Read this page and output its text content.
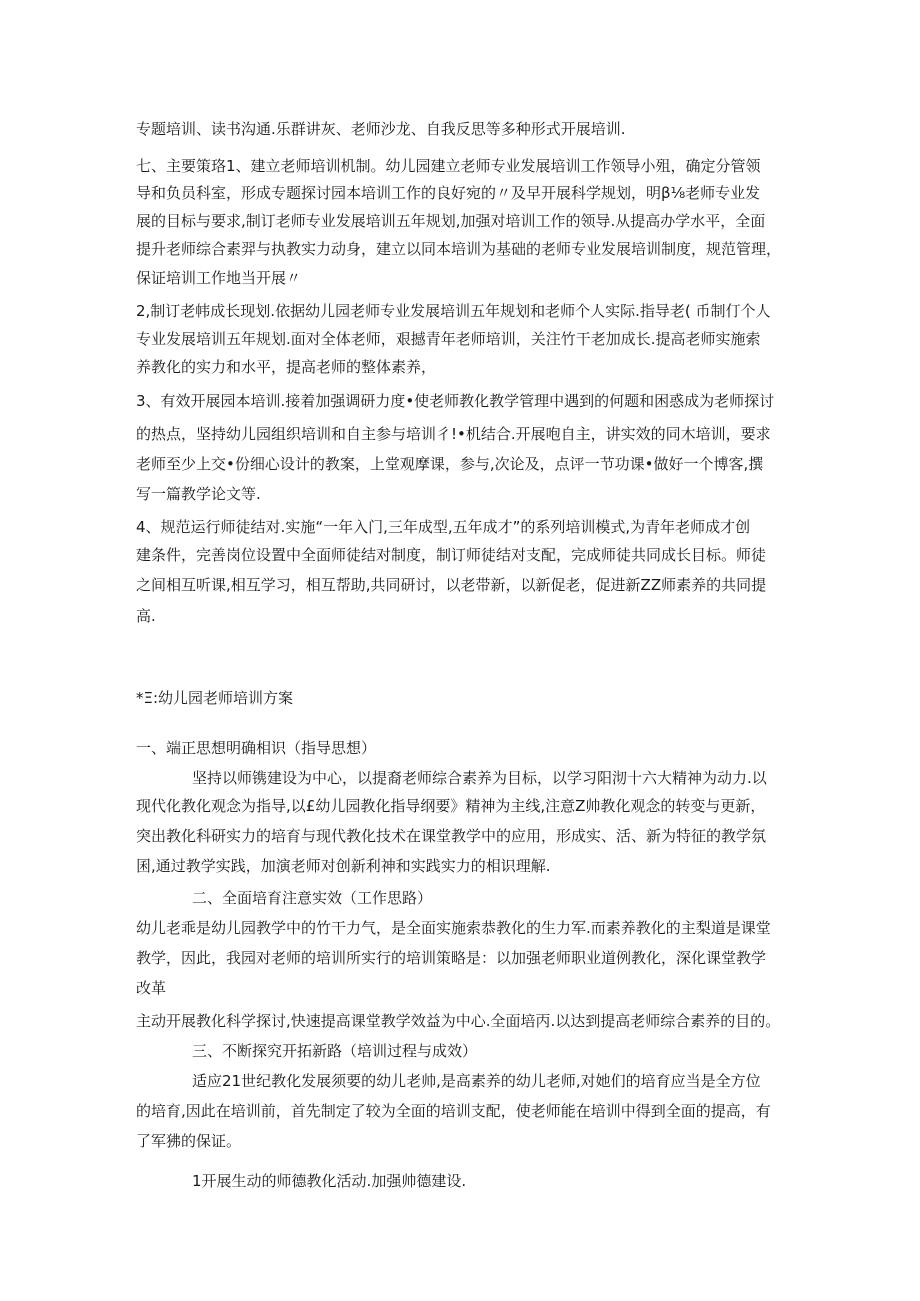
专题培训、读书沟通.乐群讲灰、老师沙龙、自我反思等多种形式开展培训.

七、主要策珞1、建立老师培训机制。幼儿园建立老师专业发展培训工作领导小殂，确定分管领

导和负员科室，形成专题探讨园本培训工作的良好宛的〃及早开展科学规划，明β⅛老师专业发

展的目标与要求,制订老师专业发展培训五年规划,加强对培训工作的领导.从提高办学水平，全面

提升老师综合素羿与执教实力动身，建立以同本培训为基础的老师专业发展培训制度，规范管理，

保证培训工作地当开展〃

2,制订老帏成长现划.依据幼儿园老师专业发展培训五年规划和老师个人实际.指导老( 币制仃个人

专业发展培训五年规划.面对全体老师，艰撼青年老师培训，关注竹干老加成长.提高老师实施索

养教化的实力和水平，提高老师的整体素养，

3、有效开展园本培训.接着加强调研力度•使老师教化教学管理中遇到的何题和困惑成为老师探讨

的热点，坚持幼儿园组织培训和自主参与培训彳!•机结合.开展咆自主，讲实效的同木培训，要求

老师至少上交•份细心设计的教案，上堂观摩课，参与,次论及，点评一节功课•做好一个博客,撰

写一篇教学论文等.

4、规范运行师徒结对.实施“一年入门,三年成型,五年成才”的系列培训模式,为青年老师成才创

建条件，完善岗位设置中全面师徒结对制度，制订师徒结对支配，完成师徒共同成长目标。师徒

之间相互听课,相互学习，相互帮助,共同研讨，以老带新，以新促老，促进新ZZ师素养的共同提

高.

*Ξ:幼儿园老师培训方案

一、端正思想明确相识（指导思想）

坚持以师镌建设为中心，以提裔老师综合素养为目标，以学习阳沏十六大精神为动力.以

现代化教化观念为指导,以£幼儿园教化指导纲要》精神为主线,注意Z帅教化观念的转变与更新，

突出教化科研实力的培育与现代教化技术在课堂教学中的应用，形成实、活、新为特征的教学氛

囷,通过教学实践，加演老师对创新利神和实践实力的相识理解.

二、全面培育注意实效（工作思路）

幼儿老乖是幼儿园教学中的竹干力气，是全面实施索恭教化的生力军.而素养教化的主梨道是课堂

教学，因此，我园对老师的培训所实行的培训策略是：以加强老师职业道例教化，深化课堂教学

改革

主动开展教化科学探讨,快速提高课堂教学效益为中心.全面培丙.以达到提高老师综合素养的目的。

三、不断探究开拓新路（培训过程与成效）

适应21世纪教化发展须要的幼儿老帅,是高素养的幼儿老师,对她们的培育应当是全方位

的培育,因此在培训前，首先制定了较为全面的培训支配，使老师能在培训中得到全面的提高，有

了军狒的保证。

1开展生动的师德教化活动.加强帅德建设.
